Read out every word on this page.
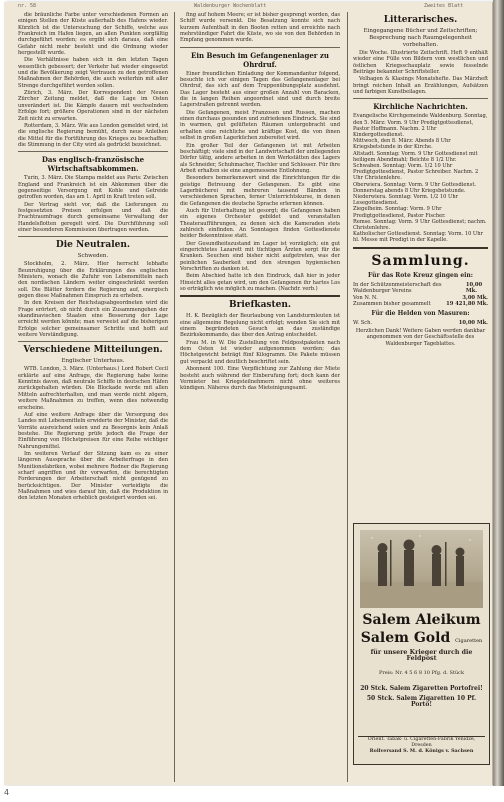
nr. 58	Waldenburger Wochenblatt	Zweites Blatt

die bräunliche Farbe unter verschiedenen Formen an einigen Stellen der Küste außerhalb des Hafens wieder. Kürzlich ist die Untersuchung der Schiffe, welche aus Frankreich im Hafen liegen, an allen Punkten sorgfältig durchgeführt worden; es ergibt sich daraus, daß eine Gefahr nicht mehr besteht und die Ordnung wieder hergestellt wurde.

Die Verhältnisse haben sich in den letzten Tagen wesentlich gebessert; der Verkehr hat wieder eingesetzt und die Bevölkerung zeigt Vertrauen zu den getroffenen Maßnahmen der Behörden, die auch weiterhin mit aller Strenge durchgeführt werden sollen.

Zürich, 3. März. Der Korrespondent der Neuen Zürcher Zeitung meldet, daß die Lage im Osten unverändert ist. Die Kämpfe dauern mit wechselndem Erfolge fort; größere Operationen sind in der nächsten Zeit nicht zu erwarten.

Rotterdam, 3. März. Wie aus London gemeldet wird, ist die englische Regierung bemüht, durch neue Anleihen die Mittel für die Fortführung des Krieges zu beschaffen; die Stimmung in der City wird als gedrückt bezeichnet.

Das englisch-französische Wirtschaftsabkommen.

Turin, 3. März. Die Stampa meldet aus Paris: Zwischen England und Frankreich ist ein Abkommen über die gegenseitige Versorgung mit Kohle und Getreide getroffen worden, das am 1. April in Kraft treten soll.

Der Vertrag sieht vor, daß die Lieferungen zu festgesetzten Preisen erfolgen und daß die Frachtraumfrage durch gemeinsame Verwaltung der Handelsflotten geregelt wird. Die Durchführung soll einer besonderen Kommission übertragen werden.

Die Neutralen.
Schweden.

Stockholm, 2. März. Hier herrscht lebhafte Beunruhigung über die Erklärungen des englischen Ministers, wonach die Zufuhr von Lebensmitteln nach den nordischen Ländern weiter eingeschränkt werden soll. Die Blätter fordern die Regierung auf, energisch gegen diese Maßnahmen Einspruch zu erheben.

In den Kreisen der Reichstagsabgeordneten wird die Frage erörtert, ob nicht durch ein Zusammengehen der skandinavischen Staaten eine Besserung der Lage erreicht werden könnte; man verweist auf die bisherigen Erfolge solcher gemeinsamer Schritte und hofft auf weitere Verständigung.

Verschiedene Mitteilungen.
Englischer Unterhaus.

WTB. London, 3. März. (Unterhaus.) Lord Robert Cecil erklärte auf eine Anfrage, die Regierung habe keine Kenntnis davon, daß neutrale Schiffe in deutschen Häfen zurückgehalten würden. Die Blockade werde mit allen Mitteln aufrechterhalten, und man werde nicht zögern, weitere Maßnahmen zu treffen, wenn dies notwendig erscheine.

Auf eine weitere Anfrage über die Versorgung des Landes mit Lebensmitteln erwiderte der Minister, daß die Vorräte ausreichend seien und zu Besorgnis kein Anlaß bestehe. Die Regierung prüfe jedoch die Frage der Einführung von Höchstpreisen für eine Reihe wichtiger Nahrungsmittel.

Im weiteren Verlauf der Sitzung kam es zu einer längeren Aussprache über die Arbeiterfrage in den Munitionsfabriken, wobei mehrere Redner die Regierung scharf angriffen und ihr vorwarfen, die berechtigten Forderungen der Arbeiterschaft nicht genügend zu berücksichtigen. Der Minister verteidigte die Maßnahmen und wies darauf hin, daß die Produktion in den letzten Monaten erheblich gesteigert worden sei.

fing auf hohem Meere; er ist bisher gesprengt worden, das Schiff wurde versenkt. Die Besatzung konnte sich nach kurzem Aufenthalt in den Booten retten und erreichte nach mehrstündiger Fahrt die Küste, wo sie von den Behörden in Empfang genommen wurde.

Ein Besuch im Gefangenenlager zu Ohrdruf.

Einer freundlichen Einladung der Kommandantur folgend, besuchte ich vor einigen Tagen das Gefangenenlager bei Ohrdruf, das sich auf dem Truppenübungsplatz ausdehnt. Das Lager besteht aus einer großen Anzahl von Baracken, die in langen Reihen angeordnet sind und durch breite Lagerstraßen getrennt werden.

Die Gefangenen, meist Franzosen und Russen, machen einen durchaus gesunden und zufriedenen Eindruck. Sie sind in warmen, gut gelüfteten Räumen untergebracht und erhalten eine reichliche und kräftige Kost, die von ihnen selbst in großen Lagerküchen zubereitet wird.

Ein großer Teil der Gefangenen ist mit Arbeiten beschäftigt; viele sind in der Landwirtschaft der umliegenden Dörfer tätig, andere arbeiten in den Werkstätten des Lagers als Schneider, Schuhmacher, Tischler und Schlosser. Für ihre Arbeit erhalten sie eine angemessene Entlohnung.

Besonders bemerkenswert sind die Einrichtungen für die geistige Betreuung der Gefangenen. Es gibt eine Lagerbücherei mit mehreren tausend Bänden in verschiedenen Sprachen, ferner Unterrichtskurse, in denen die Gefangenen die deutsche Sprache erlernen können.

Auch für Unterhaltung ist gesorgt; die Gefangenen haben ein eigenes Orchester gebildet und veranstalten Theateraufführungen, zu denen sich die Kameraden stets zahlreich einfinden. An Sonntagen finden Gottesdienste beider Bekenntnisse statt.

Der Gesundheitszustand im Lager ist vorzüglich; ein gut eingerichtetes Lazarett mit tüchtigen Ärzten sorgt für die Kranken. Seuchen sind bisher nicht aufgetreten, was der peinlichen Sauberkeit und den strengen hygienischen Vorschriften zu danken ist.

Beim Abschied hatte ich den Eindruck, daß hier in jeder Hinsicht alles getan wird, um den Gefangenen ihr hartes Los so erträglich wie möglich zu machen. (Nachdr. verb.)

Briefkasten.

H. K. Bezüglich der Beurlaubung von Landsturmleuten ist eine allgemeine Regelung nicht erfolgt; wenden Sie sich mit einem begründeten Gesuch an das zuständige Bezirkskommando, das über den Antrag entscheidet.

Frau M. in W. Die Zustellung von Feldpostpaketen nach dem Osten ist wieder aufgenommen worden; das Höchstgewicht beträgt fünf Kilogramm. Die Pakete müssen gut verpackt und deutlich beschriftet sein.

Abonnent 100. Eine Verpflichtung zur Zahlung der Miete besteht auch während der Einberufung fort; doch kann der Vermieter bei Kriegsteilnehmern nicht ohne weiteres kündigen. Näheres durch das Mieteinigungsamt.

Litterarisches.
Eingegangene Bücher und Zeitschriften; Besprechung nach Raumgelegenheit vorbehalten.

Die Woche. Illustrierte Zeitschrift. Heft 9 enthält wieder eine Fülle von Bildern vom westlichen und östlichen Kriegsschauplatz sowie fesselnde Beiträge bekannter Schriftsteller.

Velhagen & Klasings Monatshefte. Das Märzheft bringt reichen Inhalt an Erzählungen, Aufsätzen und farbigen Kunstbeilagen.

Kirchliche Nachrichten.

Evangelische Kirchgemeinde Waldenburg. Sonntag, den 5. März: Vorm. 9 Uhr Predigtgottesdienst, Pastor Hoffmann. Nachm. 2 Uhr Kindergottesdienst.

Mittwoch, den 8. März: Abends 8 Uhr Kriegsbetstunde in der Kirche.

Altstadt. Sonntag: Vorm. 9 Uhr Gottesdienst mit heiligem Abendmahl; Beichte 8 1/2 Uhr.

Schwaben. Sonntag: Vorm. 1/2 10 Uhr Predigtgottesdienst, Pastor Schreiber. Nachm. 2 Uhr Christenlehre.

Oberwiera. Sonntag: Vorm. 9 Uhr Gottesdienst. Donnerstag abends 8 Uhr Kriegsbetstunde.

Niederwiera. Sonntag: Vorm. 1/2 10 Uhr Lesegottesdienst.

Ziegelheim. Sonntag: Vorm. 9 Uhr Predigtgottesdienst, Pastor Fischer.

Remse. Sonntag: Vorm. 9 Uhr Gottesdienst; nachm. Christenlehre.

Katholischer Gottesdienst. Sonntag: Vorm. 10 Uhr hl. Messe mit Predigt in der Kapelle.

Sammlung.
Für das Rote Kreuz gingen ein:
In der Schützenmeisterschaft des Waldenburger Vereins
10,00 Mk.
Von N. N.	3,00 Mk.
Zusammen bisher gesammelt	19 421,80 Mk.
Für die Helden von Masuren:
W. Sch.	10,00 Mk.

Herzlichen Dank! Weitere Gaben werden dankbar angenommen von der Geschäftsstelle des Waldenburger Tageblattes.

Salem Aleikum
Salem Gold Cigaretten
für unsere Krieger durch die Feldpost
Preis: Nr. 4 5 6 8 10 Pfg. d. Stück
20 Stck. Salem Zigaretten Portofrei!
50 Stck. Salem Zigaretten 10 Pf. Porto!
Orient. Tabak- u. Cigaretten-Fabrik Yenidze, Dresden
Rollversand S. M. d. Königs v. Sachsen
4
